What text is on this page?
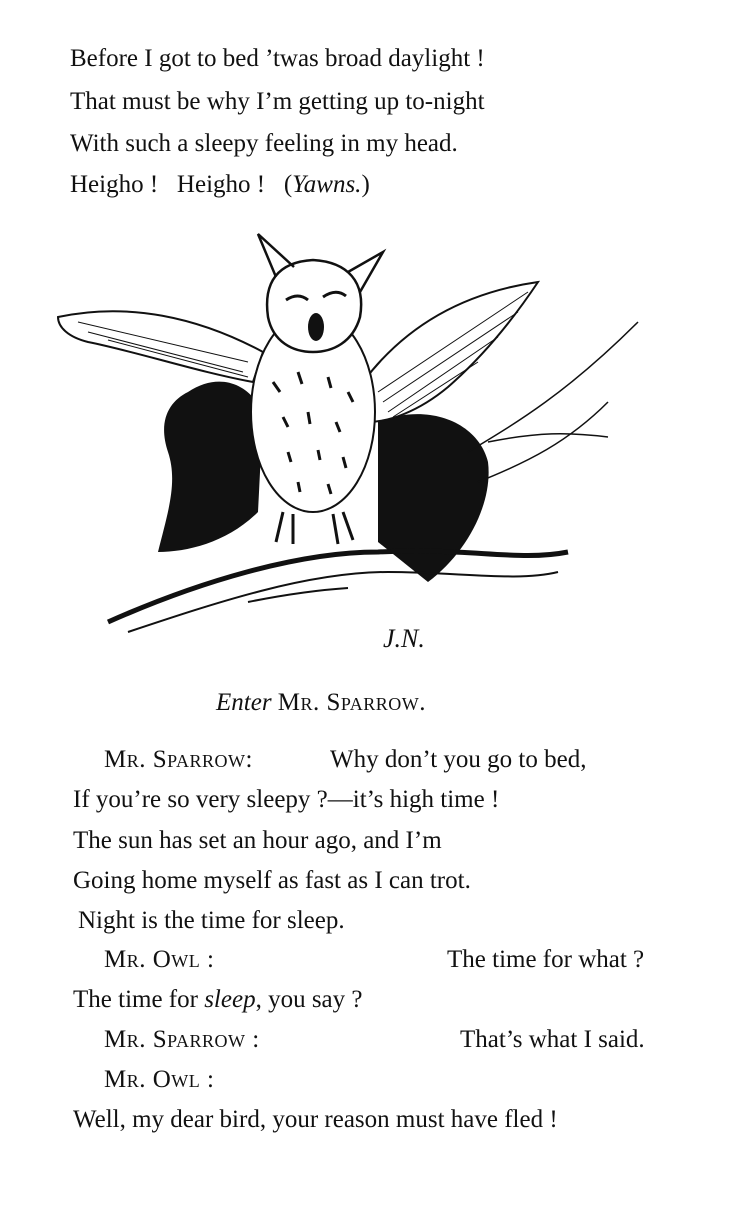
Before I got to bed ’twas broad daylight !
That must be why I’m getting up to-night
With such a sleepy feeling in my head.
Heigho !   Heigho !   (Yawns.)
J.N.
Enter Mr. Sparrow.
Mr. Sparrow:	Why don’t you go to bed,
If you’re so very sleepy ?—it’s high time !
The sun has set an hour ago, and I’m
Going home myself as fast as I can trot.
Night is the time for sleep.
Mr. Owl :	The time for what ?
The time for sleep, you say ?
Mr. Sparrow :	That’s what I said.
Mr. Owl :
Well, my dear bird, your reason must have fled !
